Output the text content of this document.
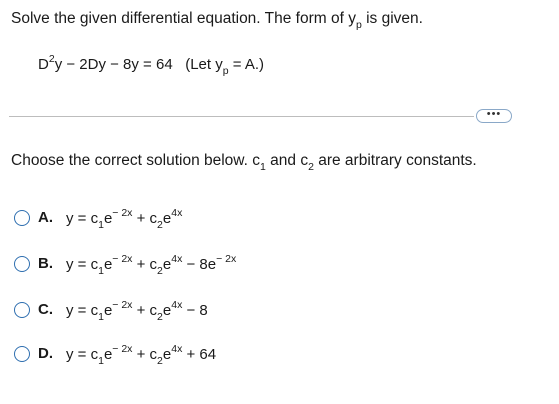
Solve the given differential equation. The form of $y_p$ is given.
$D^2y - 2Dy - 8y = 64$ (Let $y_p = A$.)
•••
Choose the correct solution below. $c_1$ and $c_2$ are arbitrary constants.
A. $y = c_1e^{- 2x} + c_2e^{4x}$
B. $y = c_1e^{- 2x} + c_2e^{4x} - 8e^{- 2x}$
C. $y = c_1e^{- 2x} + c_2e^{4x} - 8$
D. $y = c_1e^{- 2x} + c_2e^{4x} + 64$
